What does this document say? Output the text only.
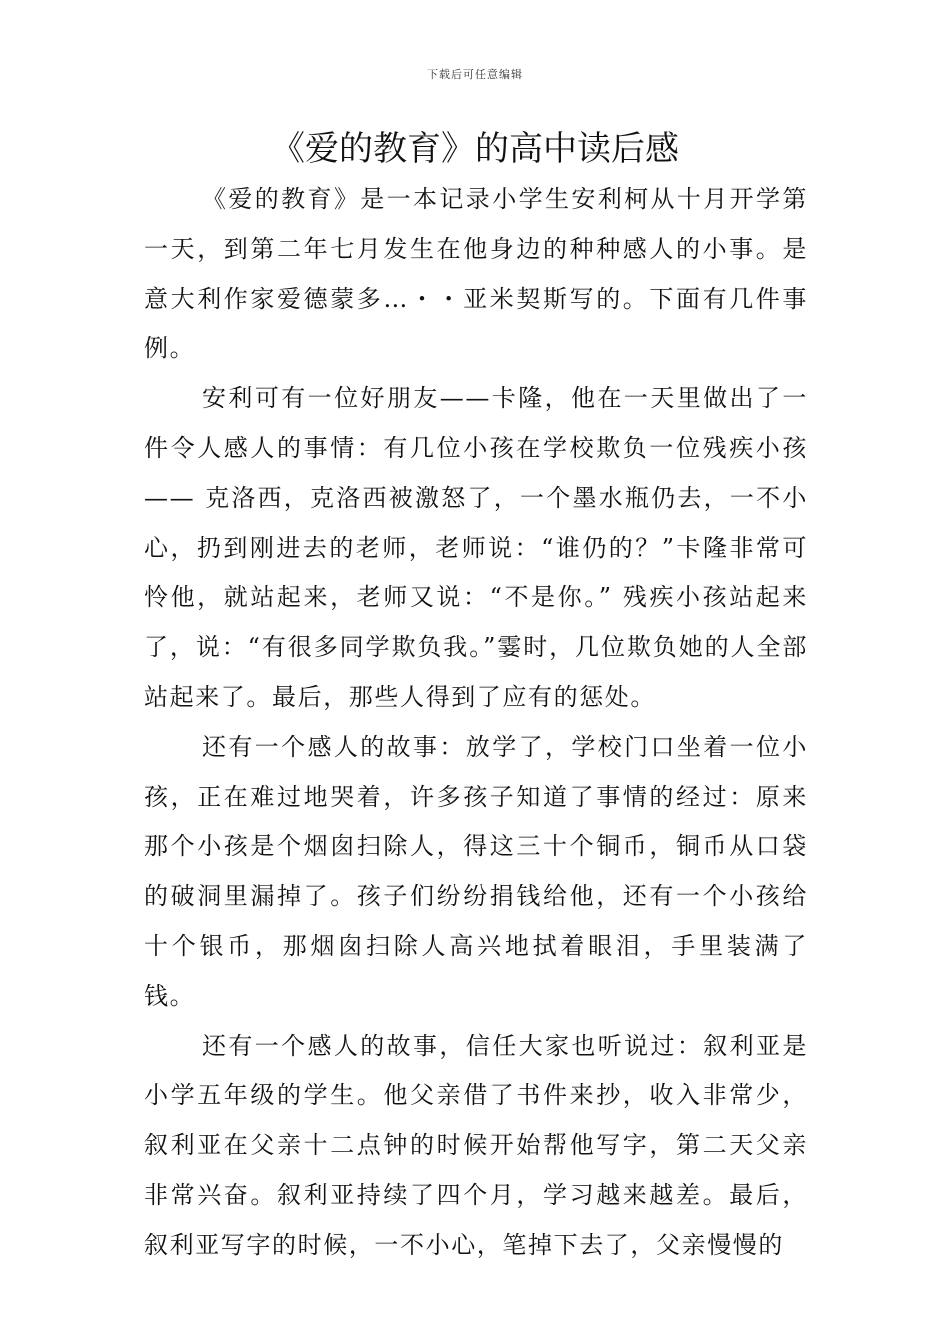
下载后可任意编辑
《爱的教育》的高中读后感

《爱的教育》是一本记录小学生安利柯从十月开学第一天，到第二年七月发生在他身边的种种感人的小事。是意大利作家爱德蒙多…・・亚米契斯写的。下面有几件事例。

安利可有一位好朋友——卡隆，他在一天里做出了一件令人感人的事情：有几位小孩在学校欺负一位残疾小孩—— 克洛西，克洛西被激怒了，一个墨水瓶仍去，一不小心，扔到刚进去的老师，老师说：“谁仍的？”卡隆非常可怜他，就站起来，老师又说：“不是你。” 残疾小孩站起来了，说：“有很多同学欺负我。”霎时，几位欺负她的人全部站起来了。最后，那些人得到了应有的惩处。

还有一个感人的故事：放学了，学校门口坐着一位小孩，正在难过地哭着，许多孩子知道了事情的经过：原来那个小孩是个烟囱扫除人，得这三十个铜币，铜币从口袋的破洞里漏掉了。孩子们纷纷捐钱给他，还有一个小孩给十个银币，那烟囱扫除人高兴地拭着眼泪，手里装满了钱。

还有一个感人的故事，信任大家也听说过：叙利亚是小学五年级的学生。他父亲借了书件来抄，收入非常少，叙利亚在父亲十二点钟的时候开始帮他写字，第二天父亲非常兴奋。叙利亚持续了四个月，学习越来越差。最后，叙利亚写字的时候，一不小心，笔掉下去了，父亲慢慢的
